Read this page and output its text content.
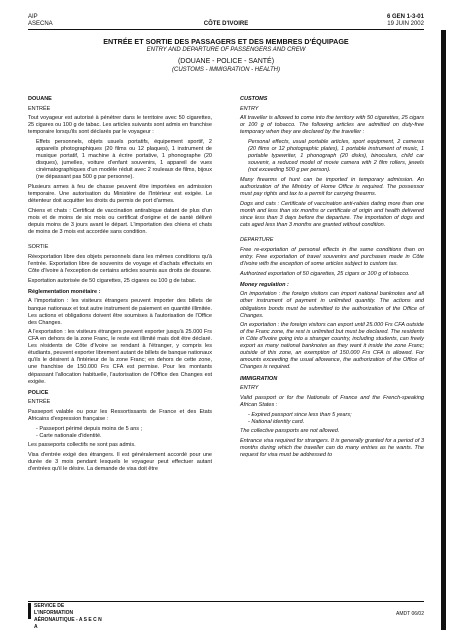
AIP	6 GEN 1-3-01
ASECNA	CÔTE D'IVOIRE	19 JUIN 2002
ENTRÉE ET SORTIE DES PASSAGERS ET DES MEMBRES D'ÉQUIPAGE
ENTRY AND DEPARTURE OF PASSENGERS AND CREW
(DOUANE - POLICE - SANTÉ)
(CUSTOMS - IMMIGRATION - HEALTH)

DOUANE

ENTRÉE

Tout voyageur est autorisé à pénétrer dans le territoire avec 50 cigarettes, 25 cigares ou 100 g de tabac. Les articles suivants sont admis en franchise temporaire lorsqu'ils sont déclarés par le voyageur :

Effets personnels, objets usuels portatifs, équipement sportif, 2 appareils photographiques (20 films ou 12 plaques), 1 instrument de musique portatif, 1 machine à écrire portative, 1 phonographe (20 disques), jumelles, voiture d'enfant souvenirs, 1 appareil de vues cinématographiques d'un modèle réduit avec 2 rouleaux de films, bijoux (ne dépassant pas 500 g par personne).

Plusieurs armes à feu de chasse peuvent être importées en admission temporaire. Une autorisation du Ministère de l'Intérieur est exigée. Le détenteur doit acquitter les droits du permis de port d'armes.

Chiens et chats : Certificat de vaccination antirabique datant de plus d'un mois et de moins de six mois ou certificat d'origine et de santé délivré depuis moins de 3 jours avant le départ. L'importation des chiens et chats de moins de 3 mois est accordée sans condition.

SORTIE

Réexportation libre des objets personnels dans les mêmes conditions qu'à l'entrée. Exportation libre de souvenirs de voyage et d'achats effectués en Côte d'Ivoire à l'exception de certains articles soumis aux droits de douane.

Exportation autorisée de 50 cigarettes, 25 cigares ou 100 g de tabac.

Réglementation monétaire :

A l'importation : les visiteurs étrangers peuvent importer des billets de banque nationaux et tout autre instrument de paiement en quantité illimitée. Les actions et obligations doivent être soumises à l'autorisation de l'Office des Changes.

A l'exportation : les visiteurs étrangers peuvent exporter jusqu'à 25.000 Frs CFA en dehors de la zone Franc, le reste est illimité mais doit être déclaré. Les résidents de Côte d'Ivoire se rendant à l'étranger, y compris les étudiants, peuvent exporter librement autant de billets de banque nationaux qu'ils le désirent à l'intérieur de la zone Franc; en dehors de cette zone, une franchise de 150.000 Frs CFA est permise. Pour les montants dépassant l'allocation habituelle, l'autorisation de l'Office des Changes est exigée.

POLICE

ENTRÉE

Passeport valable ou pour les Ressortissants de France et des Etats Africains d'expression française :

- Passeport périmé depuis moins de 5 ans ;

- Carte nationale d'identité.

Les passeports collectifs ne sont pas admis.

Visa d'entrée exigé des étrangers. Il est généralement accordé pour une durée de 3 mois pendant lesquels le voyageur peut effectuer autant d'entrées qu'il le désire. La demande de visa doit être

CUSTOMS

ENTRY

All traveller is allowed to come into the territory with 50 cigarettes, 25 cigars or 100 g of tobacco. The following articles are admitted on duty-free temporary when they are declared by the traveller :

Personal effects, usual portable articles, sport equipment, 2 cameras (20 films or 12 photographic plates), 1 portable instrument of music, 1 portable typewriter, 1 phonograph (20 disks), binoculars, child car souvenir, a reduced model of movie camera with 2 film rollers, jewels (not exceeding 500 g per person).

Many firearms of hunt can be imported in temporary admission. An authorization of the Ministry of Home Office is required. The possessor must pay rights and tax to a permit for carrying firearms.

Dogs and cats : Certificate of vaccination anti-rabies dating more than one month and less than six months or certificate of origin and health delivered since less than 3 days before the departure. The importation of dogs and cats aged less than 3 months are granted without condition.

DEPARTURE

Free re-exportation of personal effects in the same conditions than on entry. Free exportation of travel souvenirs and purchases made in Côte d'Ivoire with the exception of some articles subject to custom tax.

Authorized exportation of 50 cigarettes, 25 cigars or 100 g of tobacco.

Money regulation :

On importation : the foreign visitors can import national banknotes and all other instrument of payment in unlimited quantity. The actions and obligations bonds must be submitted to the authorization of the Office of Changes.

On exportation : the foreign visitors can export until 25.000 Frs CFA outside of the Franc zone, the rest is unlimited but must be declared. The residents in Côte d'Ivoire going into a stranger country, including students, can freely export as many national banknotes as they want it inside the zone Franc; outside of this zone, an exemption of 150.000 Frs CFA is allowed. For amounts exceeding the usual allowance, the authorization of the Office of Changes is required.

IMMIGRATION

ENTRY

Valid passport or for the Nationals of France and the French-speaking African States :

- Expired passport since less than 5 years;

- National identity card.

The collective passports are not allowed.

Entrance visa required for strangers. It is generally granted for a period of 3 months during which the traveller can do many entries as he wants. The request for visa must be addressed to

SERVICE DE L'INFORMATION
AÉRONAUTIQUE - A S E C N A
AMDT 06/02
